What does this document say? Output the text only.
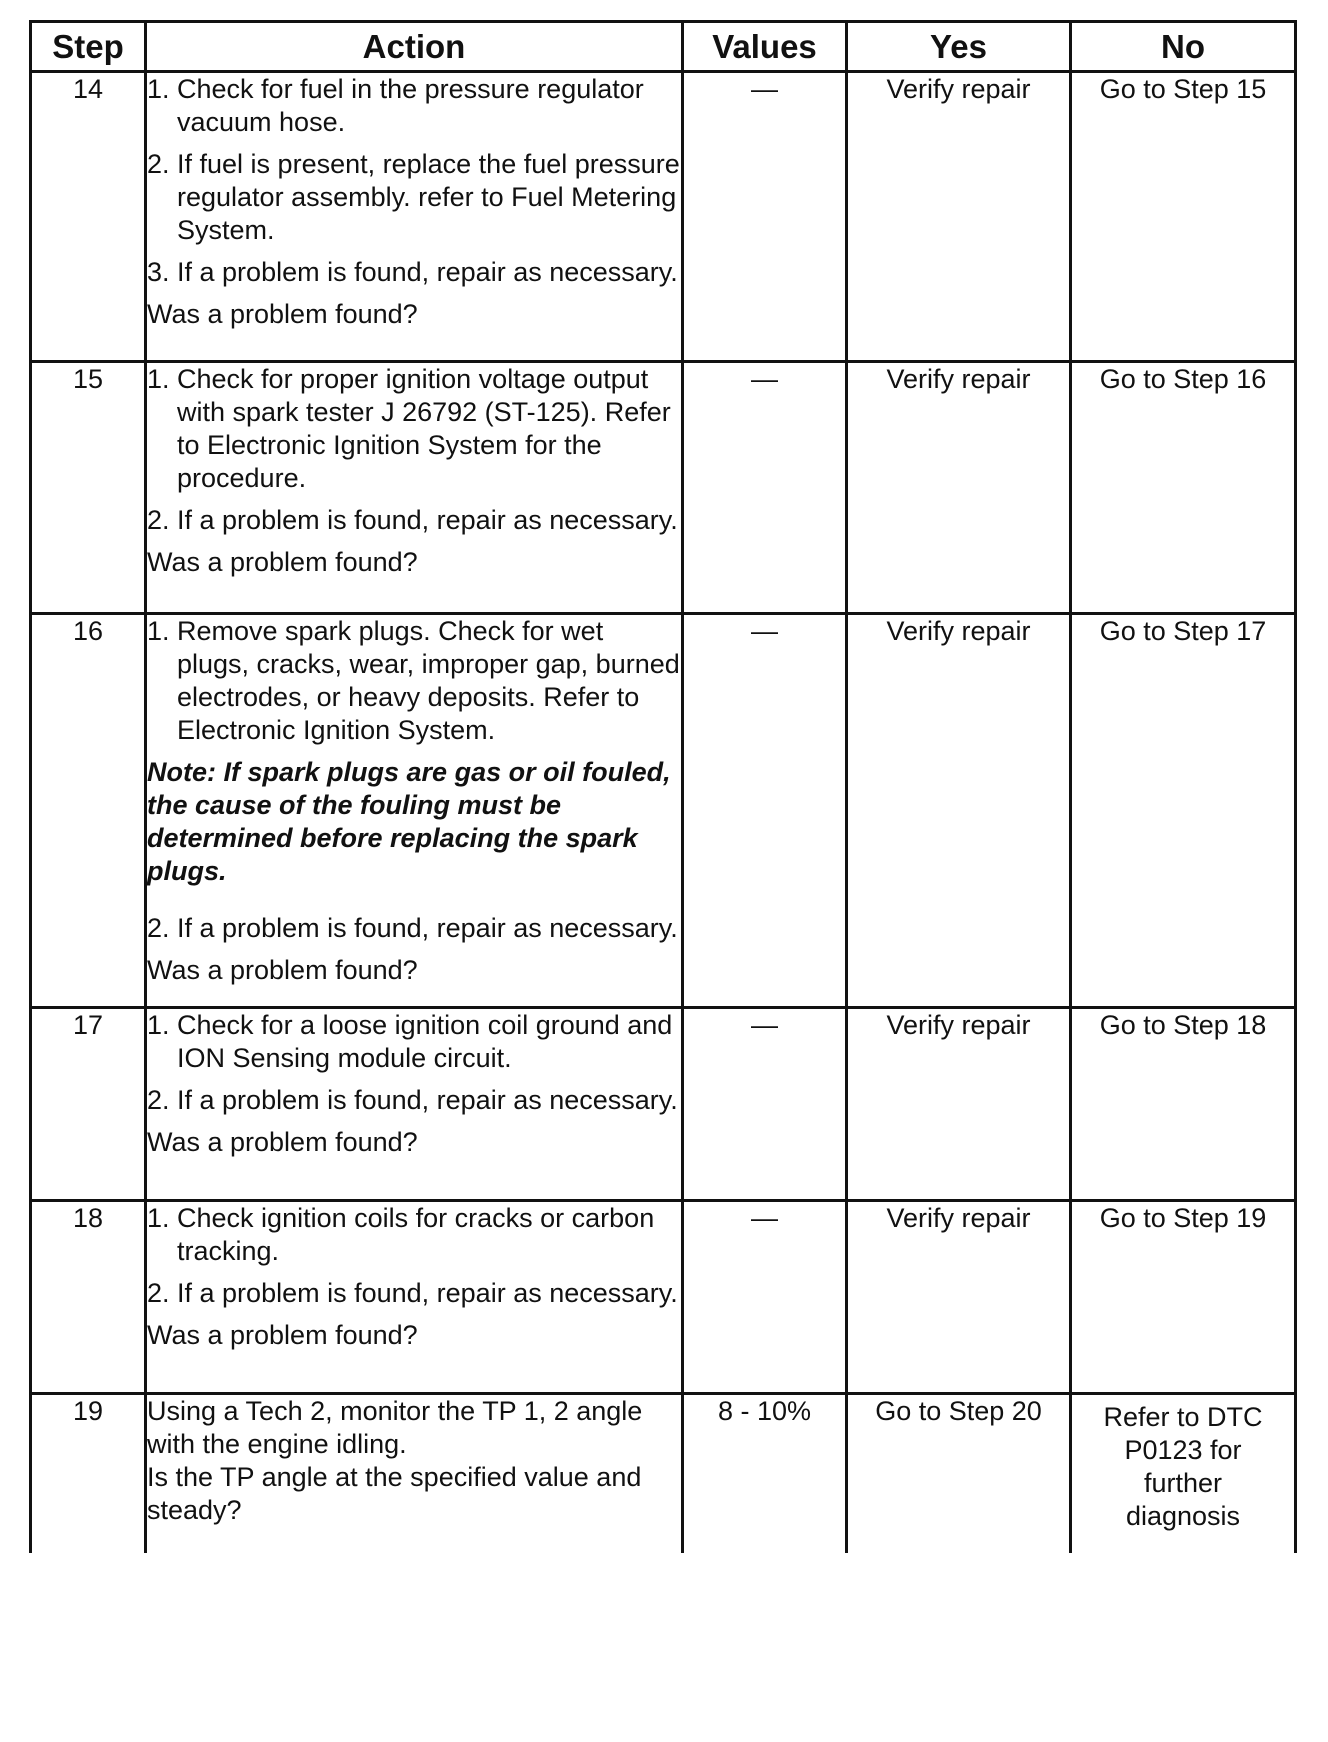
Step	Action	Values	Yes	No
14	1. Check for fuel in the pressure regulator vacuum hose.
2. If fuel is present, replace the fuel pressure regulator assembly. refer to Fuel Metering System.
3. If a problem is found, repair as necessary.
Was a problem found?	—	Verify repair	Go to Step 15
15	1. Check for proper ignition voltage output with spark tester J 26792 (ST-125). Refer to Electronic Ignition System for the procedure.
2. If a problem is found, repair as necessary.
Was a problem found?	—	Verify repair	Go to Step 16
16	1. Remove spark plugs. Check for wet plugs, cracks, wear, improper gap, burned electrodes, or heavy deposits. Refer to Electronic Ignition System.
Note: If spark plugs are gas or oil fouled, the cause of the fouling must be determined before replacing the spark plugs.
2. If a problem is found, repair as necessary.
Was a problem found?	—	Verify repair	Go to Step 17
17	1. Check for a loose ignition coil ground and ION Sensing module circuit.
2. If a problem is found, repair as necessary.
Was a problem found?	—	Verify repair	Go to Step 18
18	1. Check ignition coils for cracks or carbon tracking.
2. If a problem is found, repair as necessary.
Was a problem found?	—	Verify repair	Go to Step 19
19	Using a Tech 2, monitor the TP 1, 2 angle with the engine idling.
Is the TP angle at the specified value and steady?	8 - 10%	Go to Step 20	Refer to DTC P0123 for further diagnosis
